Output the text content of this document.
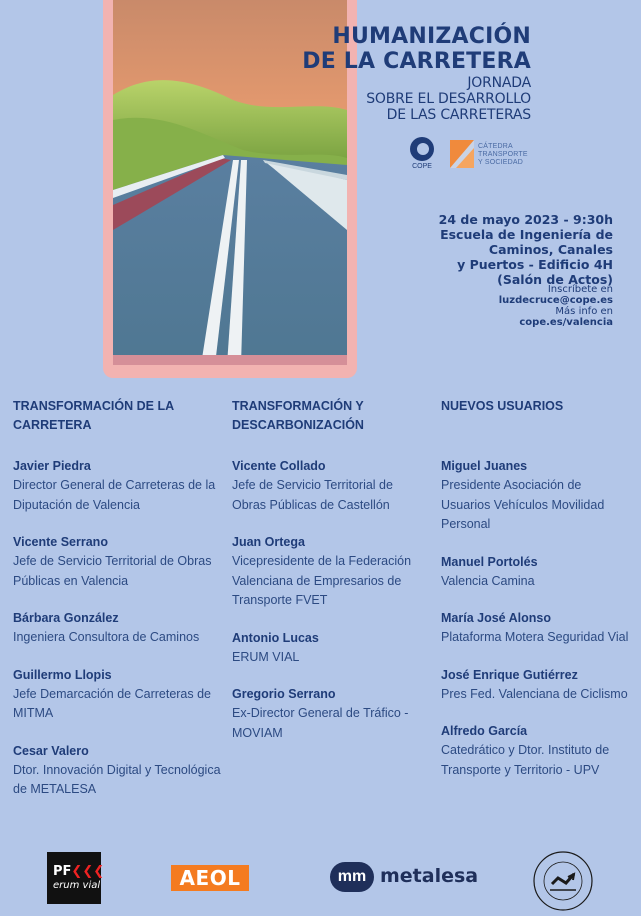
HUMANIZACIÓN
DE LA CARRETERA
JORNADA
SOBRE EL DESARROLLO
DE LAS CARRETERAS
COPE
CÁTEDRA
TRANSPORTE
Y SOCIEDAD
24 de mayo 2023 - 9:30h
Escuela de Ingeniería de
Caminos, Canales
y Puertos - Edificio 4H
(Salón de Actos)
Inscríbete en
luzdecruce@cope.es
Más info en
cope.es/valencia
TRANSFORMACIÓN DE LA CARRETERA
Javier Piedra
Director General de Carreteras de la Diputación de Valencia
Vicente Serrano
Jefe de Servicio Territorial de Obras Públicas en Valencia
Bárbara González
Ingeniera Consultora de Caminos
Guillermo Llopis
Jefe Demarcación de Carreteras de MITMA
Cesar Valero
Dtor. Innovación Digital y Tecnológica de METALESA
TRANSFORMACIÓN Y DESCARBONIZACIÓN
Vicente Collado
Jefe de Servicio Territorial de Obras Públicas de Castellón
Juan Ortega
Vicepresidente de la Federación Valenciana de Empresarios de Transporte FVET
Antonio Lucas
ERUM VIAL
Gregorio Serrano
Ex-Director General de Tráfico - MOVIAM
NUEVOS USUARIOS
Miguel Juanes
Presidente Asociación de Usuarios Vehículos Movilidad Personal
Manuel Portolés
Valencia Camina
María José Alonso
Plataforma Motera Seguridad Vial
José Enrique Gutiérrez
Pres Fed. Valenciana de Ciclismo
Alfredo García
Catedrático y Dtor. Instituto de Transporte y Territorio - UPV
PF❮❮❮
erum vial	AEOL	mm metalesa
